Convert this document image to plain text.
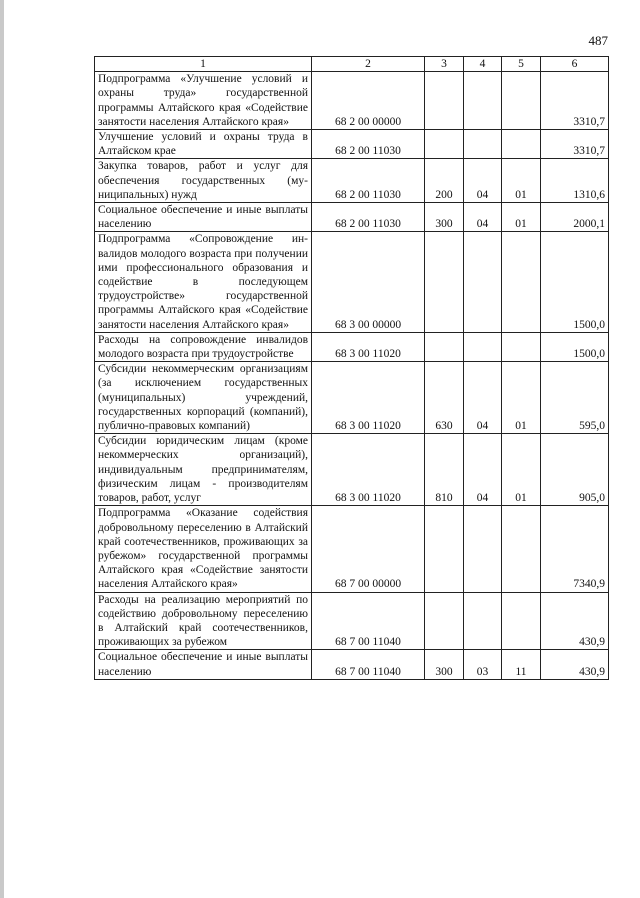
487
1	2	3	4	5	6
Подпрограмма «Улучшение условий и охраны труда» государственной программы Алтайского края «Содействие занятости населения Алтайского края»	68 2 00 00000				3310,7
Улучшение условий и охраны труда в Алтайском крае	68 2 00 11030				3310,7
Закупка товаров, работ и услуг для обеспечения государственных (муниципальных) нужд	68 2 00 11030	200	04	01	1310,6
Социальное обеспечение и иные выплаты населению	68 2 00 11030	300	04	01	2000,1
Подпрограмма «Сопровождение инвалидов молодого возраста при получении ими профессионального образования и содействие в последующем трудоустройстве» государственной программы Алтайского края «Содействие занятости населения Алтайского края»	68 3 00 00000				1500,0
Расходы на сопровождение инвалидов молодого возраста при трудоустройстве	68 3 00 11020				1500,0
Субсидии некоммерческим организациям (за исключением государственных (муниципальных) учреждений, государственных корпораций (компаний), публично-правовых компаний)	68 3 00 11020	630	04	01	595,0
Субсидии юридическим лицам (кроме некоммерческих организаций), индивидуальным предпринимателям, физическим лицам - производителям товаров, работ, услуг	68 3 00 11020	810	04	01	905,0
Подпрограмма «Оказание содействия добровольному переселению в Алтайский край соотечественников, проживающих за рубежом» государственной программы Алтайского края «Содействие занятости населения Алтайского края»	68 7 00 00000				7340,9
Расходы на реализацию мероприятий по содействию добровольному переселению в Алтайский край соотечественников, проживающих за рубежом	68 7 00 11040				430,9
Социальное обеспечение и иные выплаты населению	68 7 00 11040	300	03	11	430,9
